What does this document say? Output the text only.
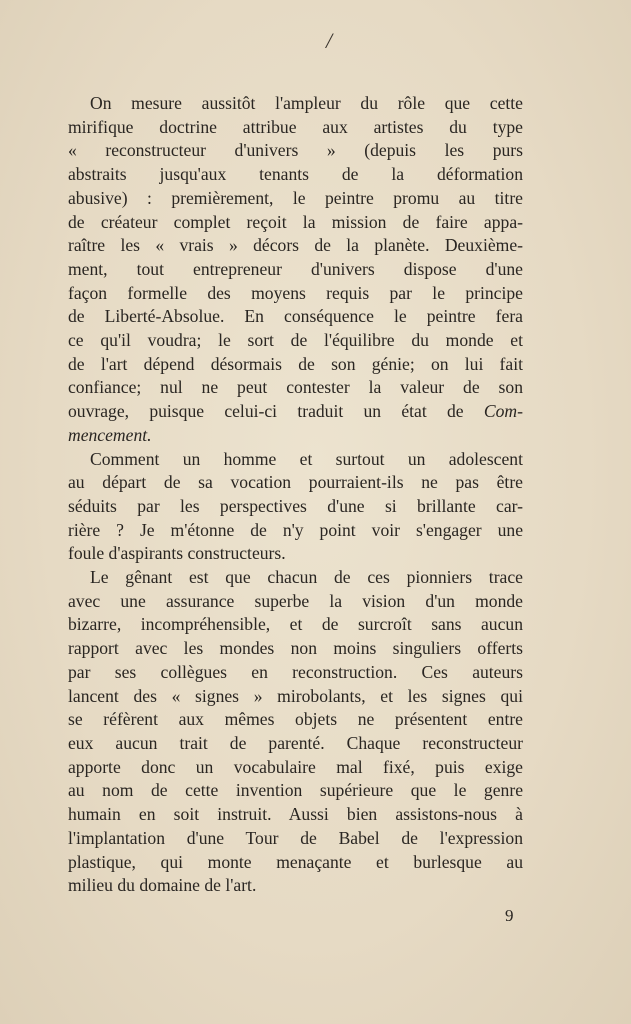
/
On mesure aussitôt l'ampleur du rôle que cette
mirifique doctrine attribue aux artistes du type
« reconstructeur d'univers » (depuis les purs
abstraits jusqu'aux tenants de la déformation
abusive) : premièrement, le peintre promu au titre
de créateur complet reçoit la mission de faire appa-
raître les « vrais » décors de la planète. Deuxième-
ment, tout entrepreneur d'univers dispose d'une
façon formelle des moyens requis par le principe
de Liberté-Absolue. En conséquence le peintre fera
ce qu'il voudra; le sort de l'équilibre du monde et
de l'art dépend désormais de son génie; on lui fait
confiance; nul ne peut contester la valeur de son
ouvrage, puisque celui-ci traduit un état de Com-
mencement.
Comment un homme et surtout un adolescent
au départ de sa vocation pourraient-ils ne pas être
séduits par les perspectives d'une si brillante car-
rière ? Je m'étonne de n'y point voir s'engager une
foule d'aspirants constructeurs.
Le gênant est que chacun de ces pionniers trace
avec une assurance superbe la vision d'un monde
bizarre, incompréhensible, et de surcroît sans aucun
rapport avec les mondes non moins singuliers offerts
par ses collègues en reconstruction. Ces auteurs
lancent des « signes » mirobolants, et les signes qui
se réfèrent aux mêmes objets ne présentent entre
eux aucun trait de parenté. Chaque reconstructeur
apporte donc un vocabulaire mal fixé, puis exige
au nom de cette invention supérieure que le genre
humain en soit instruit. Aussi bien assistons-nous à
l'implantation d'une Tour de Babel de l'expression
plastique, qui monte menaçante et burlesque au
milieu du domaine de l'art.
9
